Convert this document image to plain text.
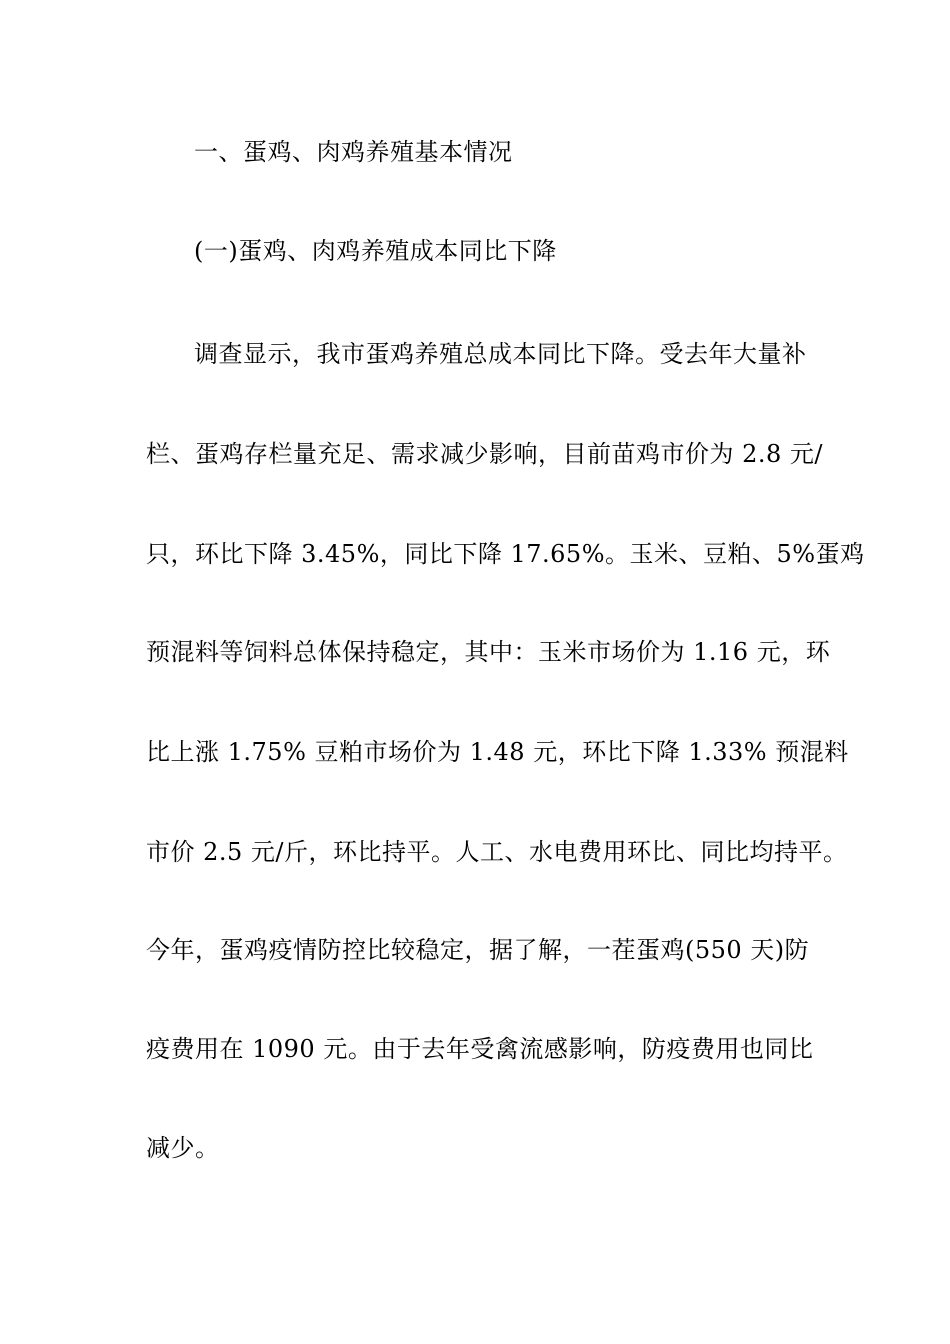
一、蛋鸡、肉鸡养殖基本情况
(一)蛋鸡、肉鸡养殖成本同比下降
调查显示，我市蛋鸡养殖总成本同比下降。受去年大量补
栏、蛋鸡存栏量充足、需求减少影响，目前苗鸡市价为 2.8 元/
只，环比下降 3.45%，同比下降 17.65%。玉米、豆粕、5%蛋鸡
预混料等饲料总体保持稳定，其中：玉米市场价为 1.16 元，环
比上涨 1.75% 豆粕市场价为 1.48 元，环比下降 1.33% 预混料
市价 2.5 元/斤，环比持平。人工、水电费用环比、同比均持平。
今年，蛋鸡疫情防控比较稳定，据了解，一茬蛋鸡(550 天)防
疫费用在 1090 元。由于去年受禽流感影响，防疫费用也同比
减少。
